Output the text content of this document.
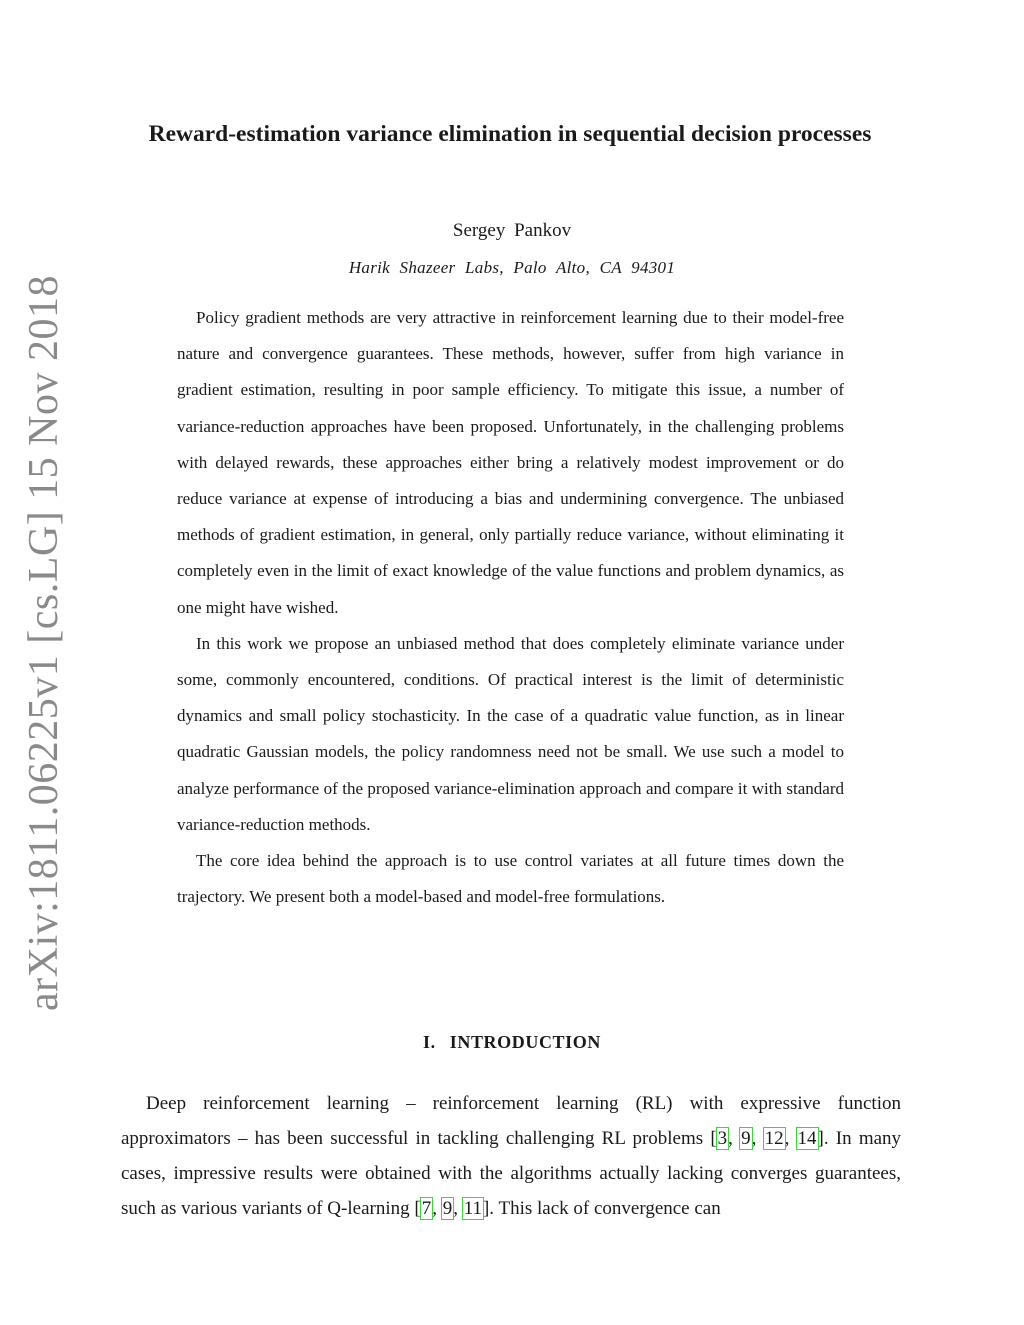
arXiv:1811.06225v1 [cs.LG] 15 Nov 2018
Reward-estimation variance elimination in sequential decision processes
Sergey Pankov
Harik Shazeer Labs, Palo Alto, CA 94301

Policy gradient methods are very attractive in reinforcement learning due to their model-free nature and convergence guarantees. These methods, however, suffer from high variance in gradient estimation, resulting in poor sample efficiency. To mitigate this issue, a number of variance-reduction approaches have been proposed. Unfortunately, in the challenging problems with delayed rewards, these approaches either bring a relatively modest improvement or do reduce variance at expense of introducing a bias and undermining convergence. The unbiased methods of gradient estimation, in general, only partially reduce variance, without eliminating it completely even in the limit of exact knowledge of the value functions and problem dynamics, as one might have wished.

In this work we propose an unbiased method that does completely eliminate variance under some, commonly encountered, conditions. Of practical interest is the limit of deterministic dynamics and small policy stochasticity. In the case of a quadratic value function, as in linear quadratic Gaussian models, the policy randomness need not be small. We use such a model to analyze performance of the proposed variance-elimination approach and compare it with standard variance-reduction methods.

The core idea behind the approach is to use control variates at all future times down the trajectory. We present both a model-based and model-free formulations.

I. INTRODUCTION

Deep reinforcement learning – reinforcement learning (RL) with expressive function approximators – has been successful in tackling challenging RL problems [3, 9, 12, 14]. In many cases, impressive results were obtained with the algorithms actually lacking converges guarantees, such as various variants of Q-learning [7, 9, 11]. This lack of convergence can
